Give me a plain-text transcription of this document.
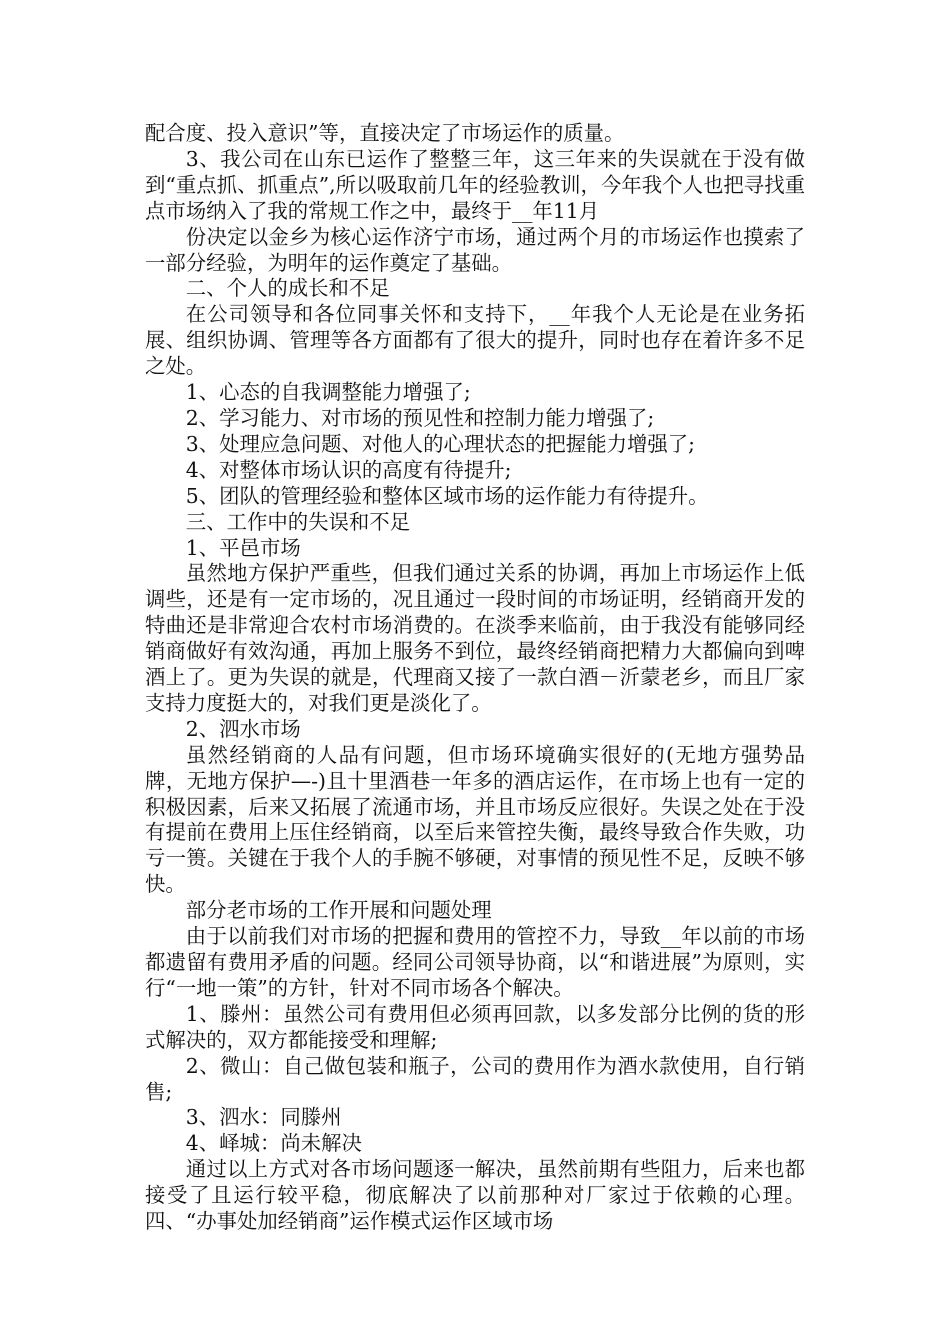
配合度、投入意识”等，直接决定了市场运作的质量。

3、我公司在山东已运作了整整三年，这三年来的失误就在于没有做到“重点抓、抓重点”,所以吸取前几年的经验教训，今年我个人也把寻找重点市场纳入了我的常规工作之中，最终于__年11月

份决定以金乡为核心运作济宁市场，通过两个月的市场运作也摸索了一部分经验，为明年的运作奠定了基础。

二、个人的成长和不足

在公司领导和各位同事关怀和支持下，__年我个人无论是在业务拓展、组织协调、管理等各方面都有了很大的提升，同时也存在着许多不足之处。

1、心态的自我调整能力增强了;

2、学习能力、对市场的预见性和控制力能力增强了;

3、处理应急问题、对他人的心理状态的把握能力增强了;

4、对整体市场认识的高度有待提升;

5、团队的管理经验和整体区域市场的运作能力有待提升。

三、工作中的失误和不足

1、平邑市场

虽然地方保护严重些，但我们通过关系的协调，再加上市场运作上低调些，还是有一定市场的，况且通过一段时间的市场证明，经销商开发的特曲还是非常迎合农村市场消费的。在淡季来临前，由于我没有能够同经销商做好有效沟通，再加上服务不到位，最终经销商把精力大都偏向到啤酒上了。更为失误的就是，代理商又接了一款白酒－沂蒙老乡，而且厂家支持力度挺大的，对我们更是淡化了。

2、泗水市场

虽然经销商的人品有问题，但市场环境确实很好的(无地方强势品牌，无地方保护—-)且十里酒巷一年多的酒店运作，在市场上也有一定的积极因素，后来又拓展了流通市场，并且市场反应很好。失误之处在于没有提前在费用上压住经销商，以至后来管控失衡，最终导致合作失败，功亏一篑。关键在于我个人的手腕不够硬，对事情的预见性不足，反映不够快。

部分老市场的工作开展和问题处理

由于以前我们对市场的把握和费用的管控不力，导致__年以前的市场都遗留有费用矛盾的问题。经同公司领导协商，以“和谐进展”为原则，实行“一地一策”的方针，针对不同市场各个解决。

1、滕州：虽然公司有费用但必须再回款，以多发部分比例的货的形式解决的，双方都能接受和理解;

2、微山：自己做包装和瓶子，公司的费用作为酒水款使用，自行销售;

3、泗水：同滕州

4、峄城：尚未解决

通过以上方式对各市场问题逐一解决，虽然前期有些阻力，后来也都接受了且运行较平稳，彻底解决了以前那种对厂家过于依赖的心理。四、“办事处加经销商”运作模式运作区域市场
